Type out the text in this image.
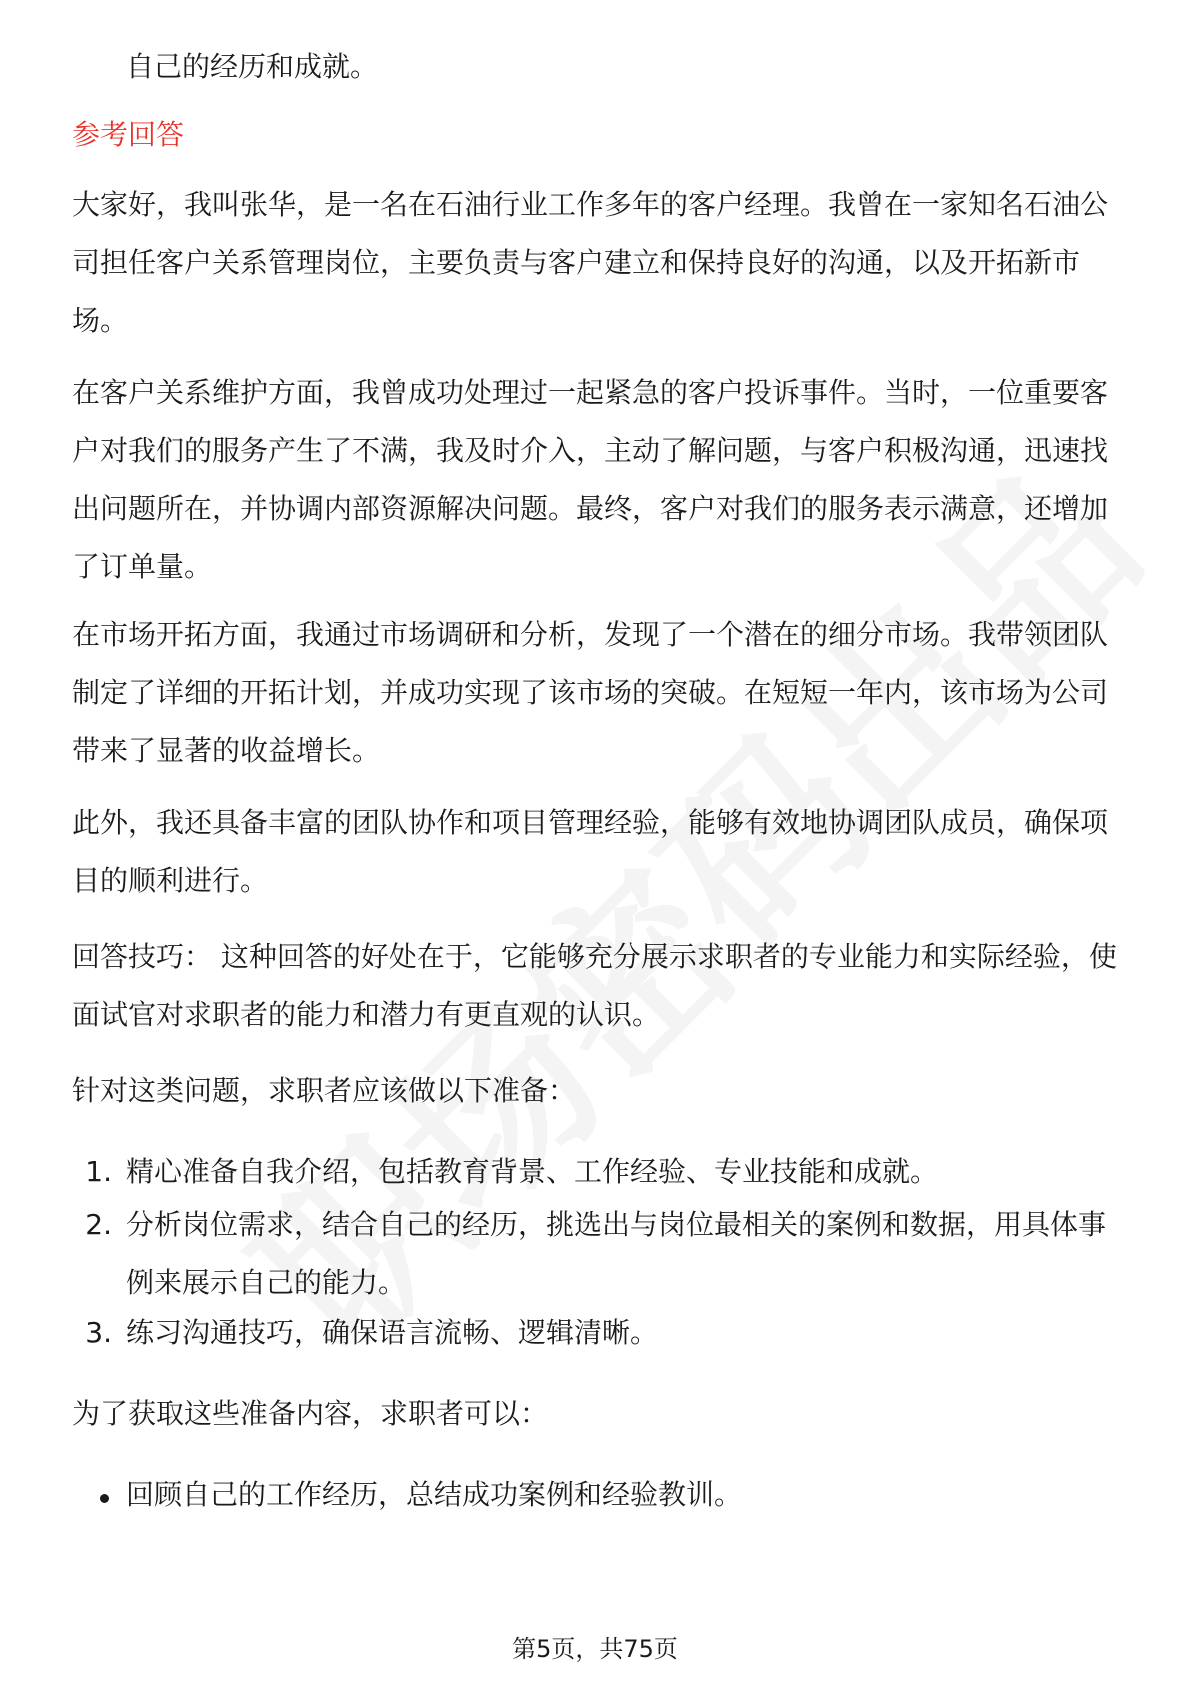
自己的经历和成就。

参考回答

大家好，我叫张华，是一名在石油行业工作多年的客户经理。我曾在一家知名石油公司担任客户关系管理岗位，主要负责与客户建立和保持良好的沟通，以及开拓新市场。

在客户关系维护方面，我曾成功处理过一起紧急的客户投诉事件。当时，一位重要客户对我们的服务产生了不满，我及时介入，主动了解问题，与客户积极沟通，迅速找出问题所在，并协调内部资源解决问题。最终，客户对我们的服务表示满意，还增加了订单量。

在市场开拓方面，我通过市场调研和分析，发现了一个潜在的细分市场。我带领团队制定了详细的开拓计划，并成功实现了该市场的突破。在短短一年内，该市场为公司带来了显著的收益增长。

此外，我还具备丰富的团队协作和项目管理经验，能够有效地协调团队成员，确保项目的顺利进行。

回答技巧： 这种回答的好处在于，它能够充分展示求职者的专业能力和实际经验，使面试官对求职者的能力和潜力有更直观的认识。

针对这类问题，求职者应该做以下准备：

1. 精心准备自我介绍，包括教育背景、工作经验、专业技能和成就。
2. 分析岗位需求，结合自己的经历，挑选出与岗位最相关的案例和数据，用具体事例来展示自己的能力。
3. 练习沟通技巧，确保语言流畅、逻辑清晰。

为了获取这些准备内容，求职者可以：

回顾自己的工作经历，总结成功案例和经验教训。

第5页，共75页
